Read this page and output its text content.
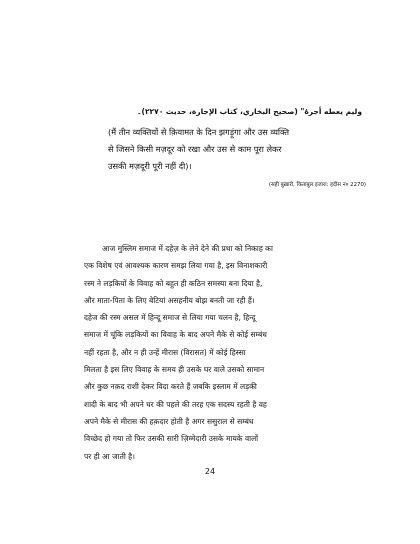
وليم يعطه أجرهُ" (صحيح البخاري، كتاب الإجارة، حديث ٢٢٧٠)۔
(मैं तीन व्यक्तियों से क़ियामत के दिन झगड़ूंगा और उस व्यक्ति
से जिसने किसी मज़दूर को रखा और उस से काम पूरा लेकर
उसकी मज़दूरी पूरी नहीं दी)।
(सही बुख़ारी, किताबुल इजारा: हदीस न० 2270)
आज मुस्लिम समाज में दहेज़ के लेने देने की प्रथा को निकाह का
एक विशेष एवं आवश्यक कारण समझ लिया गया है, इस विनाशकारी
रस्म ने लड़कियों के विवाह को बहुत ही कठिन समस्या बना दिया है,
और माता-पिता के लिए बेटियां असहनीय बोझ बनती जा रही हैं।
दहेज की रस्म असल में हिन्दू समाज से लिया गया चलन है, हिन्दू
समाज में चूंकि लड़कियों का विवाह के बाद अपने मैके से कोई सम्बंध
नहीं रहता है, और न ही उन्हें मीरास (विरासत) में कोई हिस्सा
मिलता है इस लिए विवाह के समय ही उसके घर वाले उसको सामान
और कुछ नक़द राशी देकर विदा करते हैं जबकि इस्लाम में लड़की
शादी के बाद भी अपने घर की पहले की तरह एक सदस्य रहती है वह
अपने मैके से मीरास की हक़दार होती है अगर ससुराल से सम्बंध
विच्छेद हो गया तो फिर उसकी सारी ज़िम्मेदारी उसके मायके वालों
पर ही आ जाती है।
24
